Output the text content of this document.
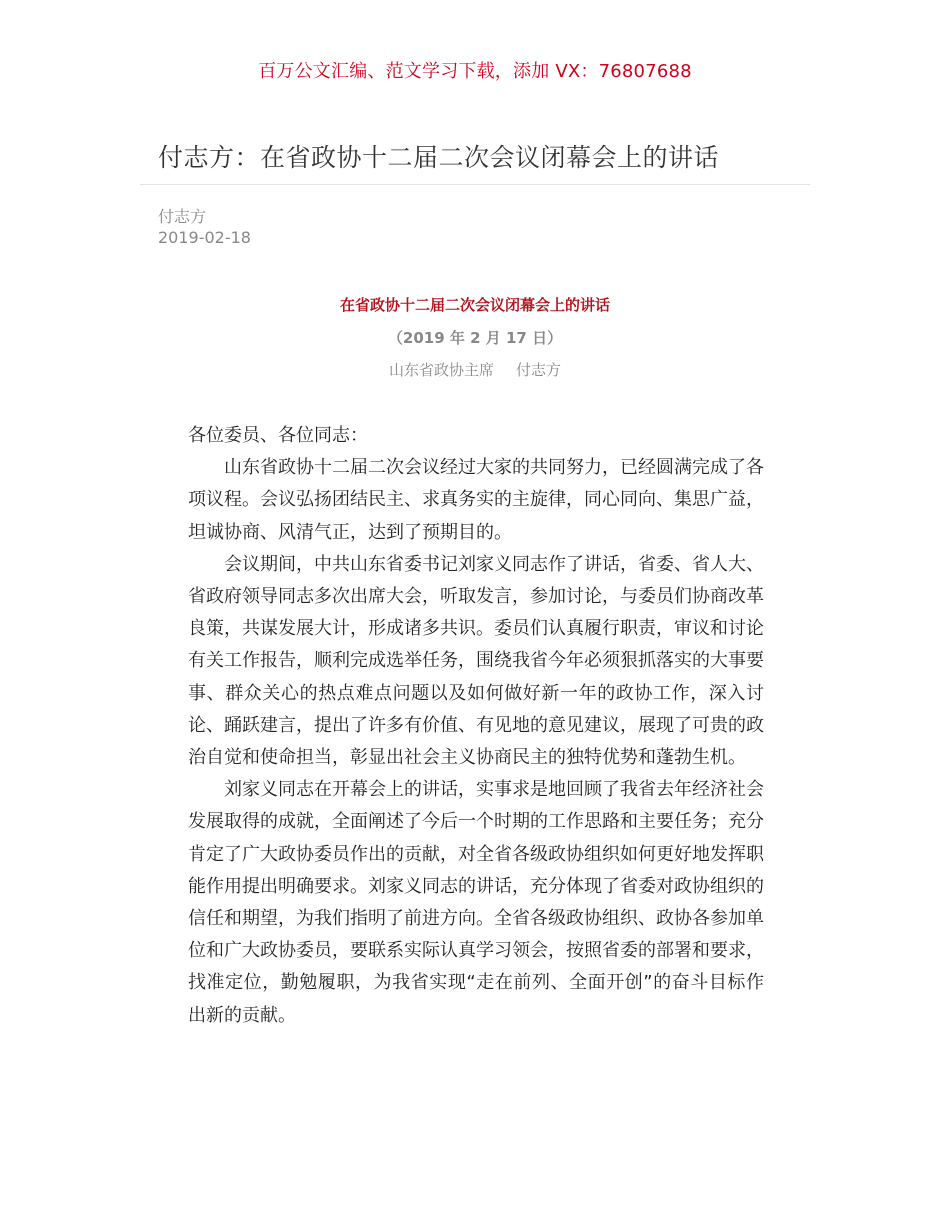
百万公文汇编、范文学习下载，添加 VX：76807688
付志方：在省政协十二届二次会议闭幕会上的讲话
付志方
2019-02-18
在省政协十二届二次会议闭幕会上的讲话
（2019 年 2 月 17 日）
山东省政协主席 付志方

各位委员、各位同志：

山东省政协十二届二次会议经过大家的共同努力，已经圆满完成了各项议程。会议弘扬团结民主、求真务实的主旋律，同心同向、集思广益，坦诚协商、风清气正，达到了预期目的。

会议期间，中共山东省委书记刘家义同志作了讲话，省委、省人大、省政府领导同志多次出席大会，听取发言，参加讨论，与委员们协商改革良策，共谋发展大计，形成诸多共识。委员们认真履行职责，审议和讨论有关工作报告，顺利完成选举任务，围绕我省今年必须狠抓落实的大事要事、群众关心的热点难点问题以及如何做好新一年的政协工作，深入讨论、踊跃建言，提出了许多有价值、有见地的意见建议，展现了可贵的政治自觉和使命担当，彰显出社会主义协商民主的独特优势和蓬勃生机。

刘家义同志在开幕会上的讲话，实事求是地回顾了我省去年经济社会发展取得的成就，全面阐述了今后一个时期的工作思路和主要任务；充分肯定了广大政协委员作出的贡献，对全省各级政协组织如何更好地发挥职能作用提出明确要求。刘家义同志的讲话，充分体现了省委对政协组织的信任和期望，为我们指明了前进方向。全省各级政协组织、政协各参加单位和广大政协委员，要联系实际认真学习领会，按照省委的部署和要求，找准定位，勤勉履职，为我省实现“走在前列、全面开创”的奋斗目标作出新的贡献。
